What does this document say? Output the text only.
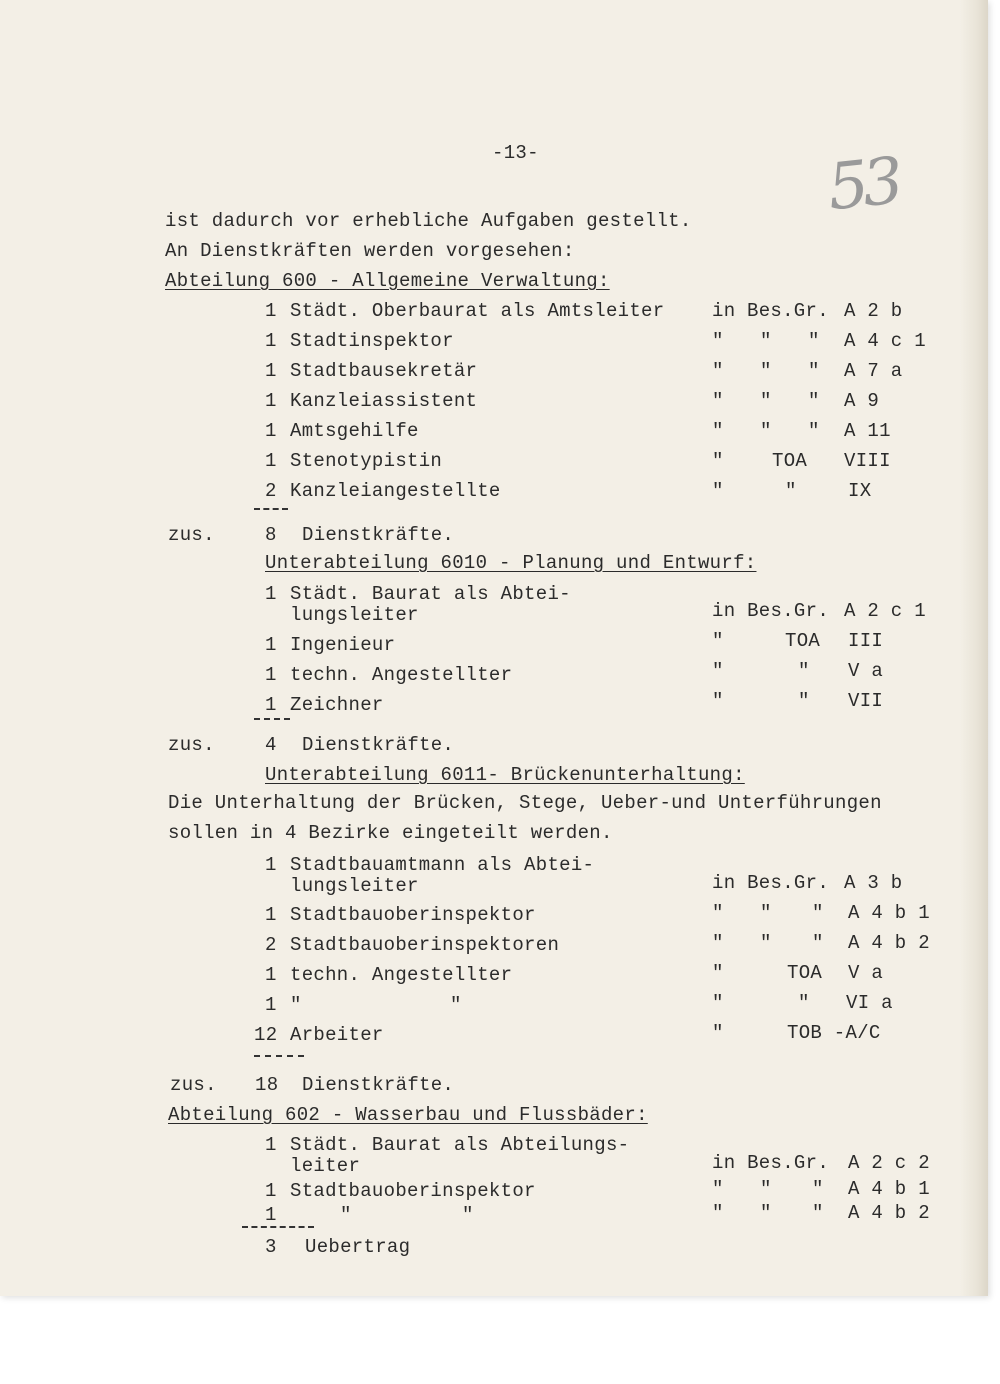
-13-	53
ist dadurch vor erhebliche Aufgaben gestellt.
An Dienstkräften werden vorgesehen:
Abteilung 600 - Allgemeine Verwaltung:
1 Städt. Oberbaurat als Amtsleiter	in Bes.Gr. A 2 b
1 Stadtinspektor	" " " A 4 c 1
1 Stadtbausekretär	" " " A 7 a
1 Kanzleiassistent	" " " A 9
1 Amtsgehilfe	" " " A 11
1 Stenotypistin	"	TOA VIII
2 Kanzleiangestellte	"	"	IX
zus.	8 Dienstkräfte.
Unterabteilung 6010 - Planung und Entwurf:
1 Städt. Baurat als Abtei-
lungsleiter	in Bes.Gr. A 2 c 1
1 Ingenieur	"	TOA III
1 techn. Angestellter	"	" V a
1 Zeichner	"	" VII
zus.	4 Dienstkräfte.
Unterabteilung 6011- Brückenunterhaltung:
Die Unterhaltung der Brücken, Stege, Ueber-und Unterführungen
sollen in 4 Bezirke eingeteilt werden.
1 Stadtbauamtmann als Abtei-
lungsleiter	in Bes.Gr. A 3 b
1 Stadtbauoberinspektor	" " " A 4 b 1
2 Stadtbauoberinspektoren	" " " A 4 b 2
1 techn. Angestellter	"	TOA V a
1 "	"	"	" VI a
12 Arbeiter	"	TOB -A/C
zus. 18 Dienstkräfte.
Abteilung 602 - Wasserbau und Flussbäder:
1 Städt. Baurat als Abteilungs-
leiter	in Bes.Gr. A 2 c 2
1 Stadtbauoberinspektor	" " " A 4 b 1
1	"	"	" " " A 4 b 2
3 Uebertrag
